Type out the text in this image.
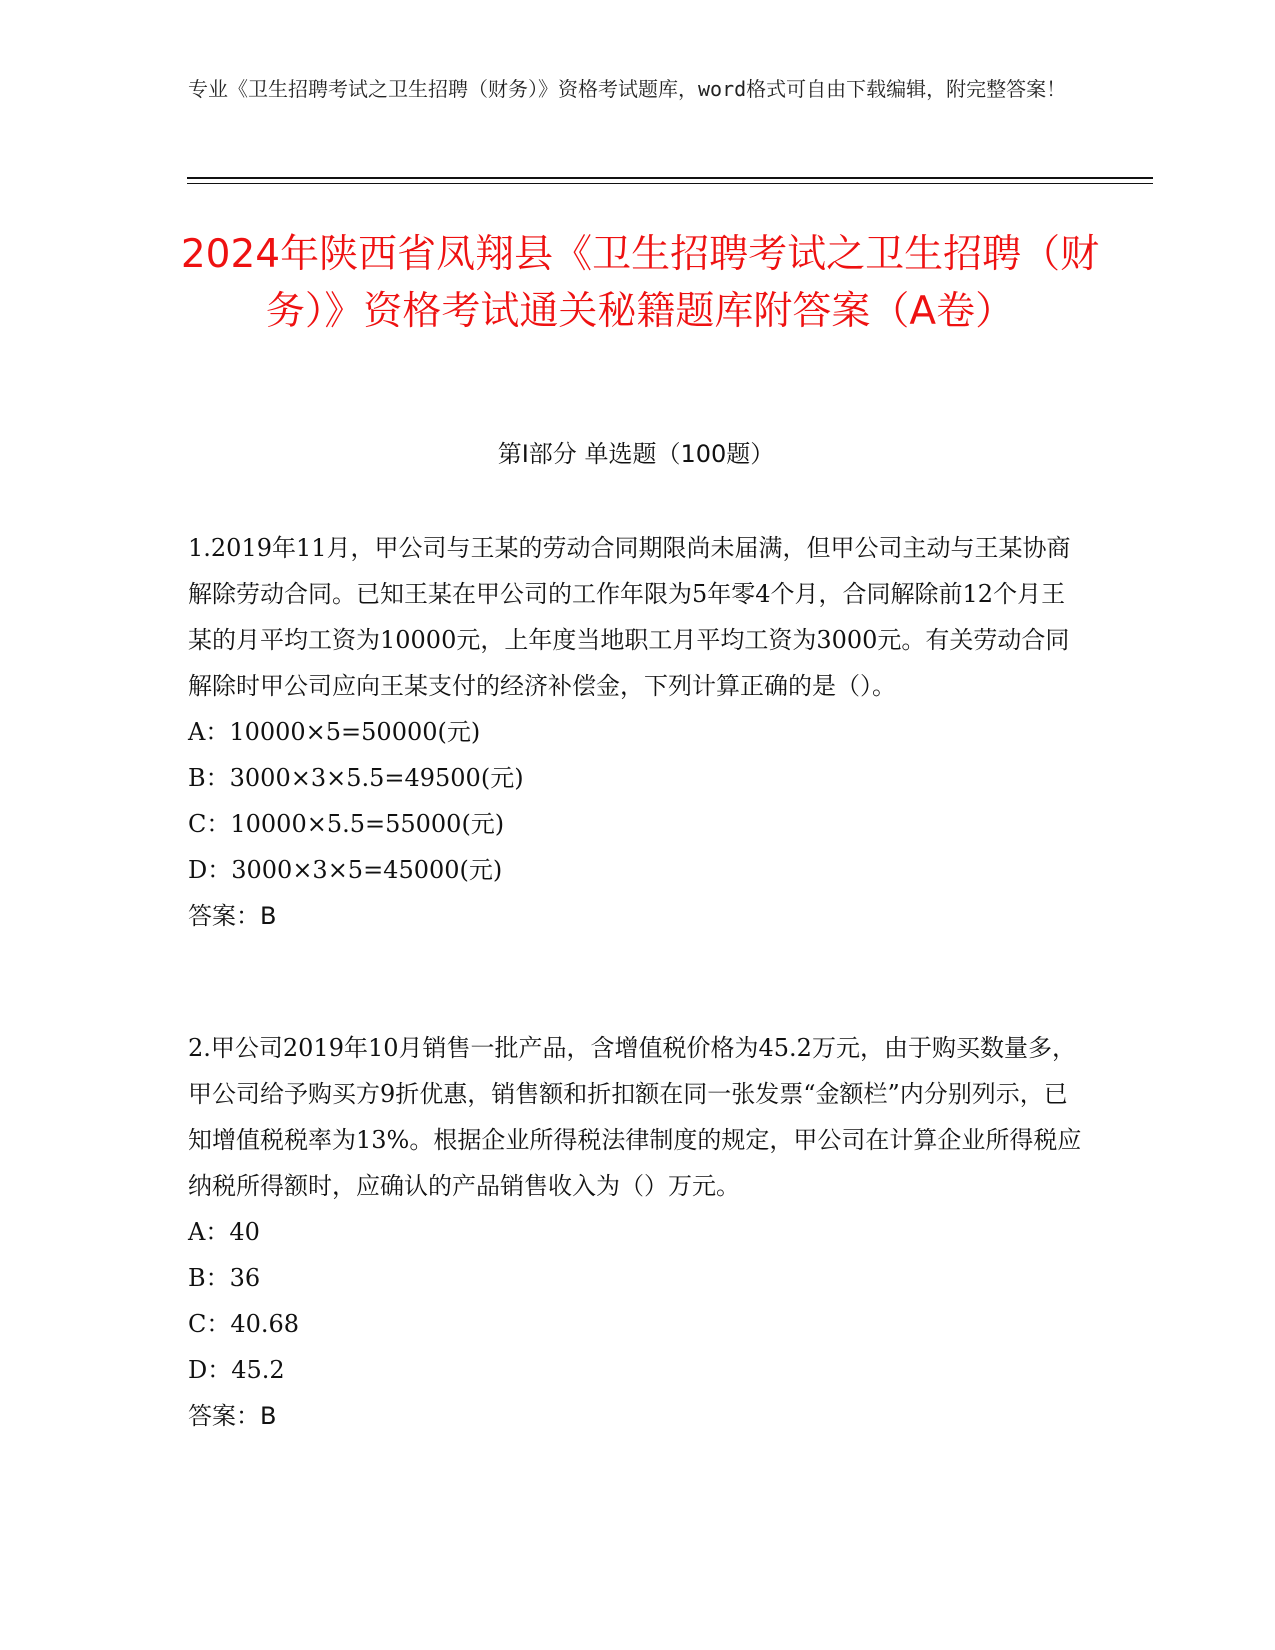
专业《卫生招聘考试之卫生招聘（财务）》资格考试题库，word格式可自由下载编辑，附完整答案！
2024年陕西省凤翔县《卫生招聘考试之卫生招聘（财务）》资格考试通关秘籍题库附答案（A卷）
第I部分 单选题（100题）

1.2019年11月，甲公司与王某的劳动合同期限尚未届满，但甲公司主动与王某协商解除劳动合同。已知王某在甲公司的工作年限为5年零4个月，合同解除前12个月王某的月平均工资为10000元，上年度当地职工月平均工资为3000元。有关劳动合同解除时甲公司应向王某支付的经济补偿金，下列计算正确的是（）。

A：10000×5=50000(元)

B：3000×3×5.5=49500(元)

C：10000×5.5=55000(元)

D：3000×3×5=45000(元)

答案：B

2.甲公司2019年10月销售一批产品，含增值税价格为45.2万元，由于购买数量多，甲公司给予购买方9折优惠，销售额和折扣额在同一张发票“金额栏”内分别列示，已知增值税税率为13%。根据企业所得税法律制度的规定，甲公司在计算企业所得税应纳税所得额时，应确认的产品销售收入为（）万元。

A：40

B：36

C：40.68

D：45.2

答案：B
